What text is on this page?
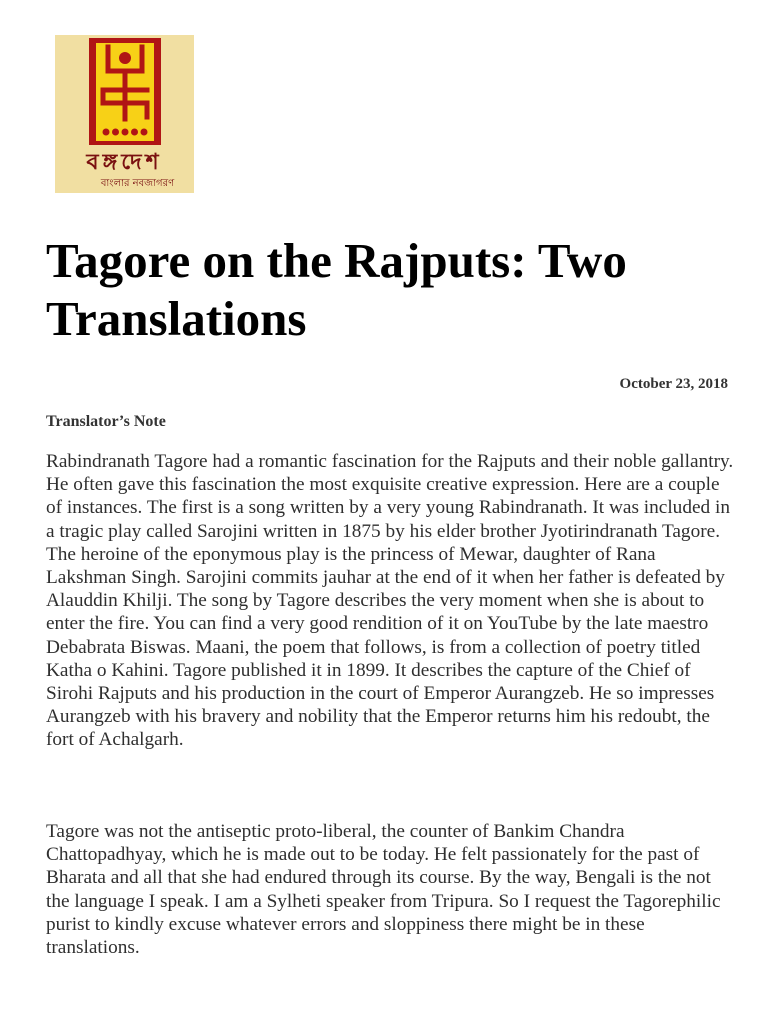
বঙ্গদেশ
বাংলার নবজাগরণ
Tagore on the Rajputs: Two Translations
October 23, 2018
Translator’s Note

Rabindranath Tagore had a romantic fascination for the Rajputs and their noble gallantry. He often gave this fascination the most exquisite creative expression. Here are a couple of instances. The first is a song written by a very young Rabindranath. It was included in a tragic play called Sarojini written in 1875 by his elder brother Jyotirindranath Tagore. The heroine of the eponymous play is the princess of Mewar, daughter of Rana Lakshman Singh. Sarojini commits jauhar at the end of it when her father is defeated by Alauddin Khilji. The song by Tagore describes the very moment when she is about to enter the fire. You can find a very good rendition of it on YouTube by the late maestro Debabrata Biswas. Maani, the poem that follows, is from a collection of poetry titled Katha o Kahini. Tagore published it in 1899. It describes the capture of the Chief of Sirohi Rajputs and his production in the court of Emperor Aurangzeb. He so impresses Aurangzeb with his bravery and nobility that the Emperor returns him his redoubt, the fort of Achalgarh.

Tagore was not the antiseptic proto-liberal, the counter of Bankim Chandra Chattopadhyay, which he is made out to be today. He felt passionately for the past of Bharata and all that she had endured through its course. By the way, Bengali is the not the language I speak. I am a Sylheti speaker from Tripura. So I request the Tagorephilic purist to kindly excuse whatever errors and sloppiness there might be in these translations.
